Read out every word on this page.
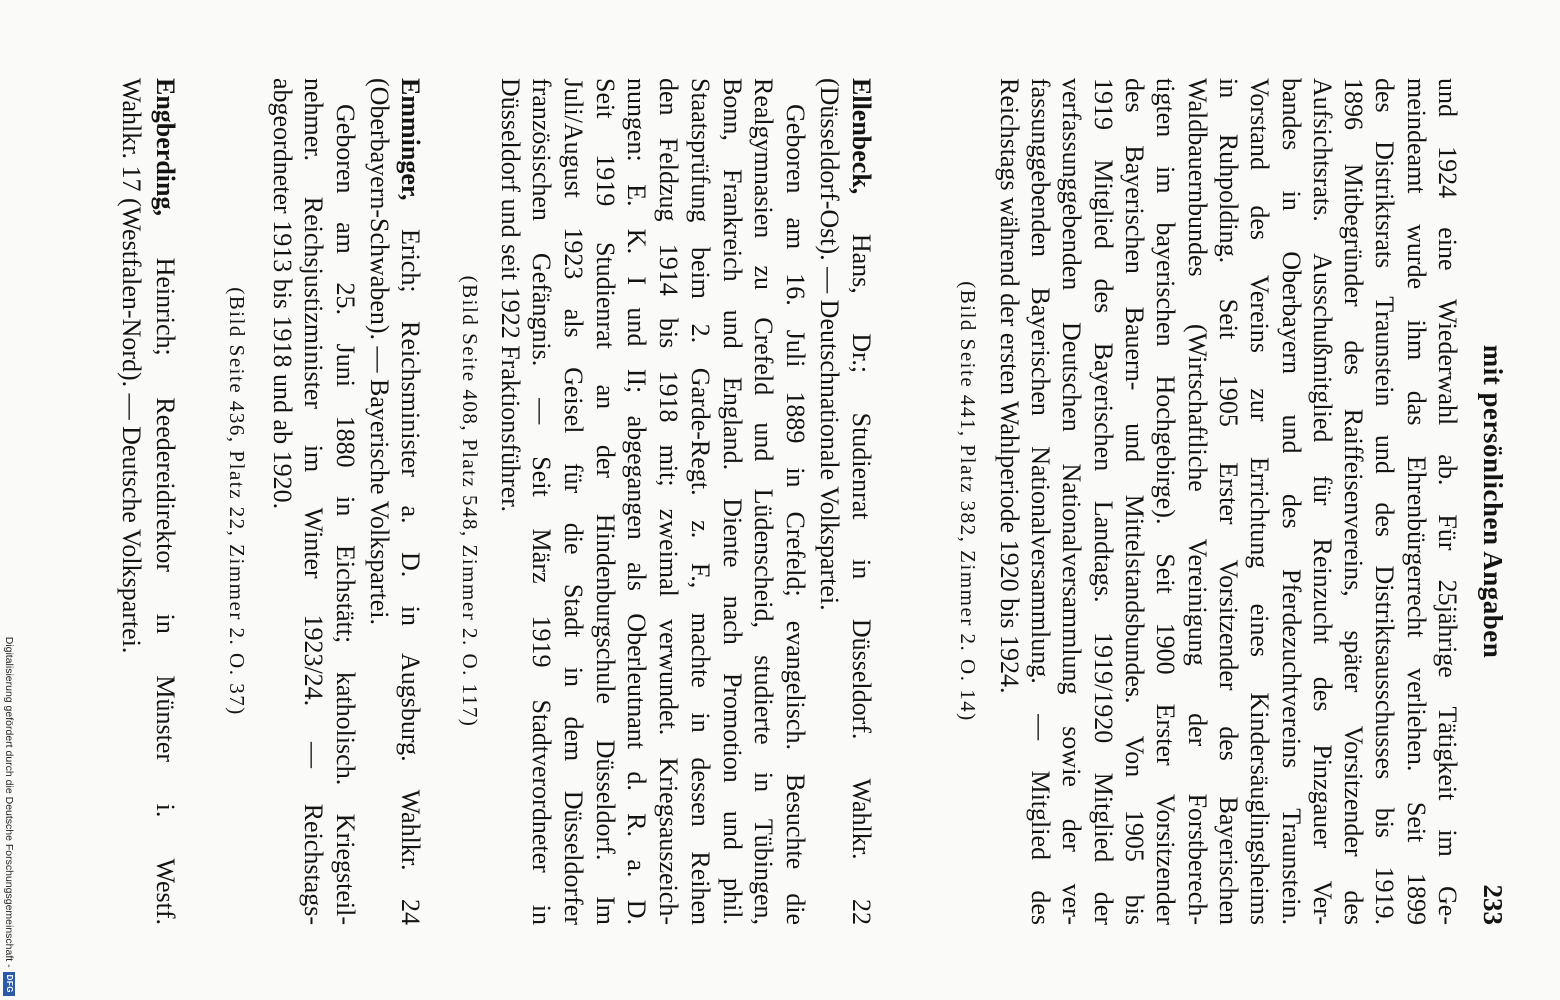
mit persönlichen Angaben
233
und 1924 eine Wiederwahl ab. Für 25jährige Tätigkeit im Ge-
meindeamt wurde ihm das Ehrenbürgerrecht verliehen. Seit 1899
des Distriktsrats Traunstein und des Distriktsausschusses bis 1919.
1896 Mitbegründer des Raiffeisenvereins, später Vorsitzender des
Aufsichtsrats. Ausschußmitglied für Reinzucht des Pinzgauer Ver-
bandes in Oberbayern und des Pferdezuchtvereins Traunstein.
Vorstand des Vereins zur Errichtung eines Kindersäuglingsheims
in Ruhpolding. Seit 1905 Erster Vorsitzender des Bayerischen
Waldbauernbundes (Wirtschaftliche Vereinigung der Forstberech-
tigten im bayerischen Hochgebirge). Seit 1900 Erster Vorsitzender
des Bayerischen Bauern- und Mittelstandsbundes. Von 1905 bis
1919 Mitglied des Bayerischen Landtags. 1919/1920 Mitglied der
verfassunggebenden Deutschen Nationalversammlung sowie der ver-
fassunggebenden Bayerischen Nationalversammlung. — Mitglied des
Reichstags während der ersten Wahlperiode 1920 bis 1924.
(Bild Seite 441, Platz 382, Zimmer 2. O. 14)
Ellenbeck, Hans, Dr.; Studienrat in Düsseldorf. Wahlkr. 22
(Düsseldorf-Ost). — Deutschnationale Volkspartei.
Geboren am 16. Juli 1889 in Crefeld; evangelisch. Besuchte die
Realgymnasien zu Crefeld und Lüdenscheid, studierte in Tübingen,
Bonn, Frankreich und England. Diente nach Promotion und phil.
Staatsprüfung beim 2. Garde-Regt. z. F., machte in dessen Reihen
den Feldzug 1914 bis 1918 mit; zweimal verwundet. Kriegsauszeich-
nungen: E. K. I und II; abgegangen als Oberleutnant d. R. a. D.
Seit 1919 Studienrat an der Hindenburgschule Düsseldorf. Im
Juli/August 1923 als Geisel für die Stadt in dem Düsseldorfer
französischen Gefängnis. — Seit März 1919 Stadtverordneter in
Düsseldorf und seit 1922 Fraktionsführer.
(Bild Seite 408, Platz 548, Zimmer 2. O. 117)
Emminger, Erich; Reichsminister a. D. in Augsburg. Wahlkr. 24
(Oberbayern-Schwaben). — Bayerische Volkspartei.
Geboren am 25. Juni 1880 in Eichstätt; katholisch. Kriegsteil-
nehmer. Reichsjustizminister im Winter 1923/24. — Reichstags-
abgeordneter 1913 bis 1918 und ab 1920.
(Bild Seite 436, Platz 22, Zimmer 2. O. 37)
Engberding, Heinrich; Reedereidirektor in Münster i. Westf.
Wahlkr. 17 (Westfalen-Nord). — Deutsche Volkspartei.
Digitalisierung gefördert durch die Deutsche Forschungsgemeinschaft -
DFG
